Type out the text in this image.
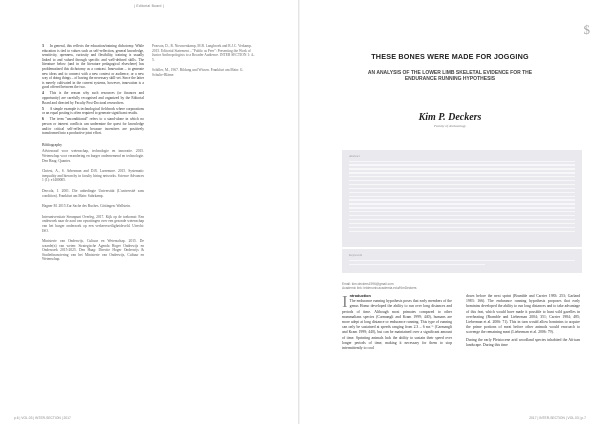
| Editorial Board |
3 In general, this reflects the education/training dichotomy. While education is tied to values such as self-reflection, general knowledge, sensitivity, openness, curiosity and flexibility, training is usually linked to and valued through specific and well-defined skills. The literature below (and in the literature pedagogical elsewhere) has problematized this dichotomy as a contrast. Innovation – to generate new ideas and to connect with a new context or audience, or a new way of doing things – of having the necessary skill-set. Since the latter is merely cultivated in the current systems, however, innovation is a good offered between the two.
4 This is the reason why such resources (or finances and opportunity) are carefully recognised and organized by the Editorial Board and directed by Faculty Post-Doctoral researchers.
5 A simple example is technological fieldwork where corporations or an equal posting is often required to generate significant results.
6 The term "unconditional" refers to a stand-alone in which no person or interest conflicts can undermine the quest for knowledge and/or critical self-reflection because incentives are positively transformed into a productive joint effort.
Bibliography
Adviesraad voor wetenschap, technologie en innovatie. 2015. Wetenschap voor verandering en burger ondernemend en technologie. Den Haag: Quantes.
Chriest, A., S. Arbesman and D.B. Larremore. 2015. Systematic inequality and hierarchy in faculty hiring networks. Science Advances 1 (1): e1400005.
Dercola, J. 2001. Die unbedingte Universität (L'université sans condition). Frankfurt am Main: Suhrkamp.
Hagner M. 2015 Zur Sache des Buches. Göttingen: Wallstein.
Interuniversitair Steunpunt Overleg, 2017. Kijk op de toekomst: Een onderzoek naar de aard van opvattingen over een gezonde wetenschap van het burger onderzoek op een verkeersveiligheidsveld. Utrecht: ISO.
Ministerie van Onderwijs, Cultuur en Wetenschap. 2015. De waarde(n) van weten: Strategische Agenda Hoger Onderwijs en Onderzoek 2015-2025. Den Haag: Directie Hoger Onderwijs & Studiefinanciering van het Ministerie van Onderwijs, Cultuur en Wetenschap.
Pearson, D., R. Nieuwenkamp, M.B. Langbroek and R.J.C. Verkamp. 2015. Editorial Statement – "Public as Peer": Presenting the Work of Junior Anthropologists to a Broader Audience. INTER SECTION 1: 4–5.
Schiller, M., 1967. Bildung und Wissen. Frankfurt am Main: G. Schulte-Bläme.
p.6 | VOL.03 | INTER-SECTION | 2017
$
THESE BONES WERE MADE FOR JOGGING
AN ANALYSIS OF THE LOWER LIMB SKELETAL EVIDENCE FOR THE ENDURANCE RUNNING HYPOTHESIS
Kim P. Deckers
Faculty of Archaeology
Abstract
Keywords
Email: kim.deckers1996@gmail.com
Academic link: leidenuniv.academia.edu/KimDeckers
I ntroduction
The endurance running hypothesis poses that early members of the genus Homo developed the ability to run over long distances and periods of time. Although most primates compared to other mammalians species (Carmangli and Kram 1999; 440), humans are more adept at long distance or endurance running. This type of running can only be sustained at speeds ranging from 2.3 – 6 ms⁻¹ (Carmangli and Kram 1999; 440), but can be maintained over a significant amount of time. Sprinting animals lack the ability to sustain their speed over longer periods of time, making it necessary for them to stop intermittently to cool
down before the next sprint (Bramble and Carrier 1983: 253; Garland 1983: 166). The endurance running hypothesis proposes that early hominins developed the ability to run long distances and to take advantage of this feat, which would have made it possible to hunt wild gazelles in overheating (Bramble and Lieberman 2004; 351; Carrier 1984; 485; Lieberman et al. 2006: 71). This in turn would allow hominins to acquire the prime portions of meat before other animals would encroach to scavenge the remaining meat (Lieberman et al. 2006: 79).
During the early Pleistocene arid woodland species inhabited the African landscape. During this time
2017 | INTER-SECTION | VOL.03 | p.7
